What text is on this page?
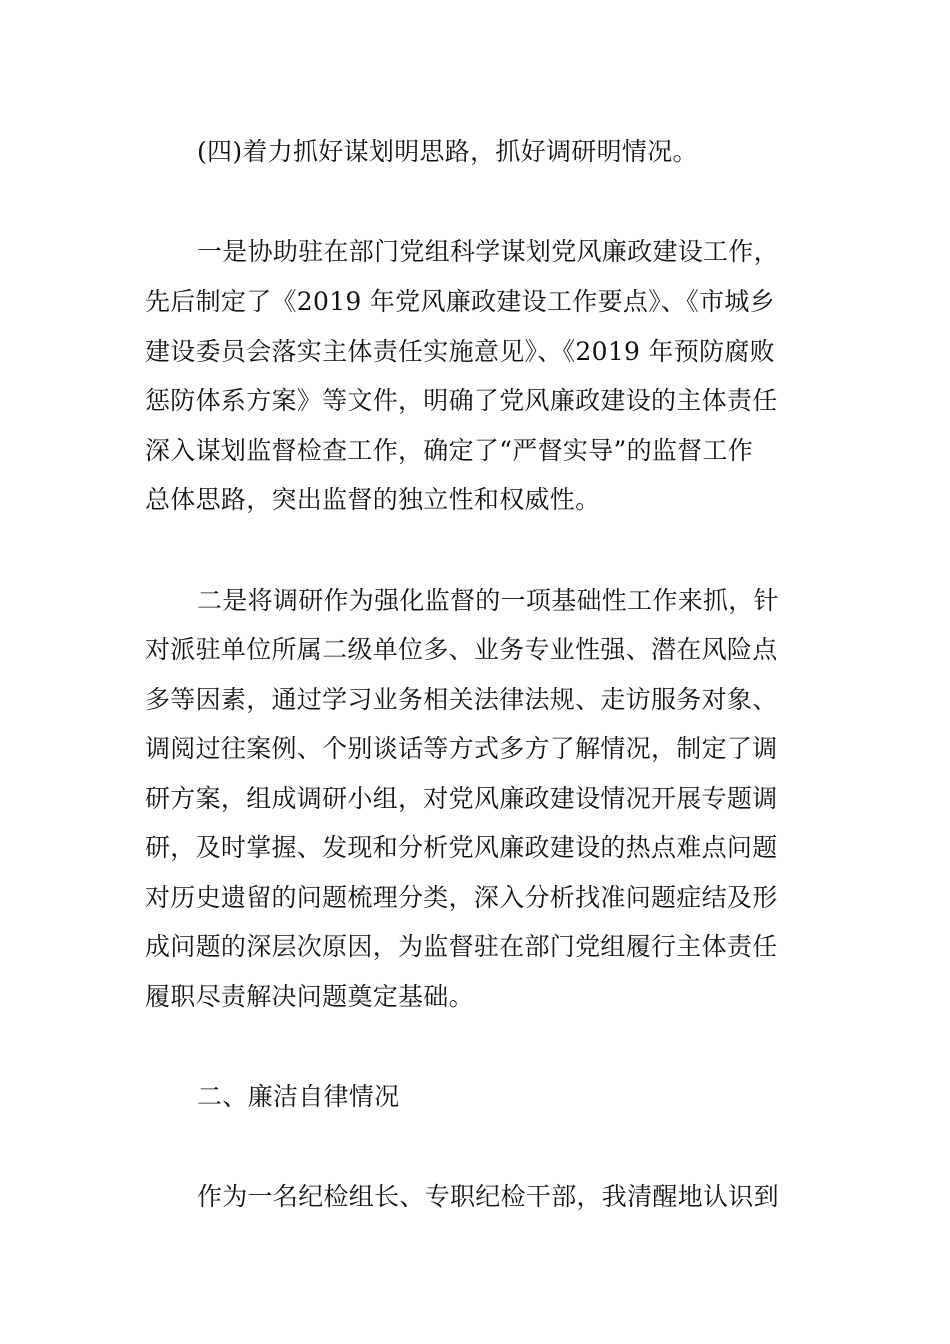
(四)着力抓好谋划明思路，抓好调研明情况。
一是协助驻在部门党组科学谋划党风廉政建设工作，
先后制定了《2019 年党风廉政建设工作要点》、《市城乡
建设委员会落实主体责任实施意见》、《2019 年预防腐败
惩防体系方案》等文件，明确了党风廉政建设的主体责任
深入谋划监督检查工作，确定了“严督实导”的监督工作
总体思路，突出监督的独立性和权威性。
二是将调研作为强化监督的一项基础性工作来抓，针
对派驻单位所属二级单位多、业务专业性强、潜在风险点
多等因素，通过学习业务相关法律法规、走访服务对象、
调阅过往案例、个别谈话等方式多方了解情况，制定了调
研方案，组成调研小组，对党风廉政建设情况开展专题调
研，及时掌握、发现和分析党风廉政建设的热点难点问题
对历史遗留的问题梳理分类，深入分析找准问题症结及形
成问题的深层次原因，为监督驻在部门党组履行主体责任
履职尽责解决问题奠定基础。
二、廉洁自律情况
作为一名纪检组长、专职纪检干部，我清醒地认识到
